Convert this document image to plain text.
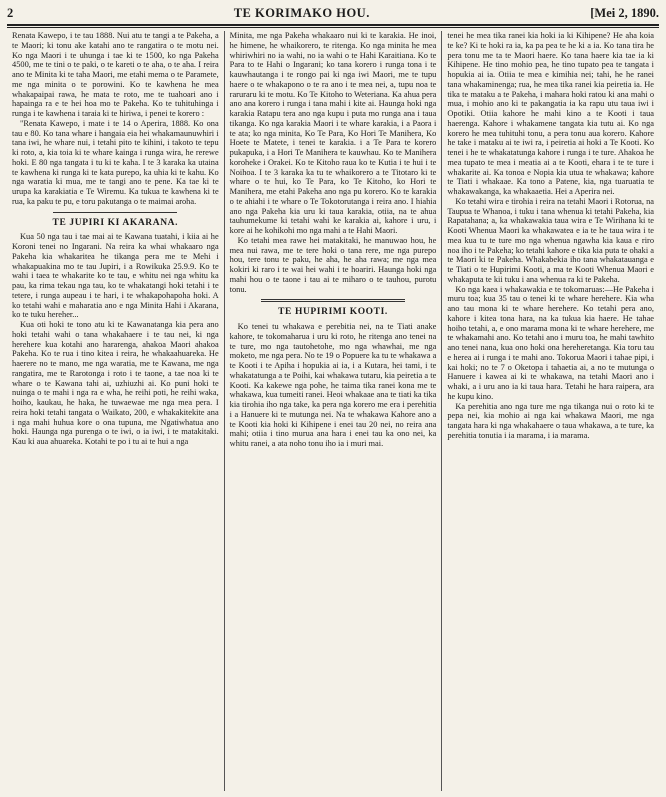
2	TE KORIMAKO HOU.	[Mei 2, 1890.

Renata Kawepo, i te tau 1888. Nui atu te tangi a te Pakeha, a te Maori; ki tonu ake katahi ano te rangatira o te motu nei. Ko nga Maori i te uhunga i tae ki te 1500, ko nga Pakeha 4500, me te tini o te paki, o te kareti o te aha, o te aha. I reira ano te Minita ki te taha Maori, me etahi mema o te Paramete, me nga minita o te porowini. Ko te kawhena he mea whakapaipai rawa, he mata te roto, me te tuahoari ano i hapainga ra e te hei hoa mo te Pakeha. Ko te tuhituhinga i runga i te kawhena i taraia ki te hiriwa, i penei te korero :

"Renata Kawepo, i mate i te 14 o Aperira, 1888. Ko ona tau e 80. Ko tana whare i hangaia eia hei whakamaunuwhiri i tana iwi, he whare nui, i tetahi pito te kihini, i takoto te tepu ki roto, a, kia toia ki te whare kainga i runga wira, he rerewe hoki. E 80 nga tangata i tu ki te kaha. I te 3 karaka ka utaina te kawhena ki runga ki te kata purepo, ka uhia ki te kahu. Ko nga waratia ki mua, me te tangi ano te pene. Ka tae ki te urupa ka karakiatia e Te Wiremu. Ka tukua te kawhena ki te rua, ka paku te pu, e toru pakutanga o te maimai aroha.

TE JUPIRI KI AKARANA.

Kua 50 nga tau i tae mai ai te Kawana tuatahi, i kiia ai he Koroni tenei no Ingarani. Na reira ka whai whakaaro nga Pakeha kia whakaritea he tikanga pera me te Mehi i whakapuakina mo te tau Jupiri, i a Rowikuka 25.9.9. Ko te wahi i taea te whakarite ko te tau, e whitu nei nga whitu ka pau, ka rima tekau nga tau, ko te whakatangi hoki tetahi i te tetere, i runga aupeau i te hari, i te whakapohapoha hoki. A ko tetahi wahi e maharatia ano e nga Minita Hahi i Akarana, ko te tuku hereher...

Kua oti hoki te tono atu ki te Kawanatanga kia pera ano hoki tetahi wahi o tana whakahaere i te tau nei, ki nga herehere kua kotahi ano hararenga, ahakoa Maori ahakoa Pakeha. Ko te rua i tino kitea i reira, he whakaahuareka. He haerere no te mano, me nga waratia, me te Kawana, me nga rangatira, me te Rarotonga i roto i te taone, a tae noa ki te whare o te Kawana tahi ai, uzhiuzhi ai. Ko puni hoki te nuinga o te mahi i nga ra e wha, he reihi poti, he reihi waka, hoiho, kaukau, he haka, he tuwaewae me nga mea pera. I reira hoki tetahi tangata o Waikato, 200, e whakakitekite ana i nga mahi huhua kore o ona tupuna, me Ngatiwhatua ano hoki. Haunga nga purenga o te iwi, o ia iwi, i te matakitaki. Kau ki aua ahuareka. Kotahi te po i tu ai te hui a nga

Minita, me nga Pakeha whakaaro nui ki te karakia. He inoi, he himene, he whaikorero, te ritenga. Ko nga minita he mea whiriwhiri no ia wahi, no ia wahi o te Hahi Karaitiana. Ko te Para to te Hahi o Ingarani; ko tana korero i runga tona i te kauwhautanga i te rongo pai ki nga iwi Maori, me te tupu haere o te whakapono o te ra ano i te mea nei, a, tupu noa te raruraru ki te motu. Ko Te Kitoho to Weteriana. Ka ahua pera ano ana korero i runga i tana mahi i kite ai. Haunga hoki nga karakia Ratapu tera ano nga kupu i puta mo runga ana i taua tikanga. Ko nga karakia Maori i te whare karakia, i a Paora i te ata; ko nga minita, Ko Te Para, Ko Hori Te Manihera, Ko Hoete te Matete, i tenei te karakia. i a Te Para te korero pukapuka, i a Hori Te Manihera te kauwhau. Ko te Manihera koroheke i Orakei. Ko te Kitoho raua ko te Kutia i te hui i te Noihoa. I te 3 karaka ka tu te whaikorero a te Titotaro ki te whare o te hui, ko Te Para, ko Te Kitoho, ko Hori te Manihera, me etahi Pakeha ano nga pu korero. Ko te karakia o te ahiahi i te whare o Te Tokotorutanga i reira ano. I hiahia ano nga Pakeha kia uru ki taua karakia, otiia, na te ahua tauhumekume ki tetahi wahi ke karakia ai, kahore i uru, i kore ai he kohikohi mo nga mahi a te Hahi Maori.

Ko tetahi mea rawe hei matakitaki, he manuwao hou, he mea nui rawa, me te tere hoki o tana rere, me nga purepo hou, tere tonu te paku, he aha, he aha rawa; me nga mea kokiri ki raro i te wai hei wahi i te hoariri. Haunga hoki nga mahi hou o te taone i tau ai te miharo o te tauhou, purotu tonu.

TE HUPIRIMI KOOTI.

Ko tenei tu whakawa e perebitia nei, na te Tiati anake kahore, te tokomaharua i uru ki roto, he ritenga ano tenei na te ture, mo nga tautohetohe, mo nga whawhai, me nga moketo, me nga pera. No te 19 o Popuere ka tu te whakawa a te Kooti i te Apiha i hopukia ai ia, i a Kutara, hei tami, i te whakatatunga a te Poihi, kai whakawa tutaru, kia peiretia a te Kooti. Ka kakewe nga pohe, he taima tika ranei kona me te whakawa, kua tumeiti ranei. Heoi whakaae ana te tiati ka tika kia tirohia iho nga take, ka pera nga korero me era i perehitia i a Hanuere ki te mutunga nei. Na te whakawa Kahore ano a te Kooti kia hoki ki Kihipene i enei tau 20 nei, no reira ana mahi; otiia i tino murua ana hara i enei tau ka ono nei, ka whitu ranei, a ata noho tonu iho ia i muri mai.

tenei he mea tika ranei kia hoki ia ki Kihipene? He aha koia te ke? Ki te hoki ra ia, ka pa pea te he ki a ia. Ko tana tira he pera tonu me ta te Maori haere. Ko tana haere kia tae ia ki Kihipene. He tino mohio pea, he tino tupato pea te tangata i hopukia ai ia. Otiia te mea e kimihia nei; tahi, he he ranei tana whakaminenga; rua, he mea tika ranei kia peiretia ia. He tika te mataku a te Pakeha, i mahara hoki ratou ki ana mahi o mua, i mohio ano ki te pakangatia ia ka rapu utu taua iwi i Opotiki. Otiia kahore he mahi kino a te Kooti i taua haerenga. Kahore i whakamene tangata kia tutu ai. Ko nga korero he mea tuhituhi tonu, a pera tonu aua korero. Kahore he take i mataku ai te iwi ra, i peiretia ai hoki a Te Kooti. Ko tenei i he te whakatatunga kahore i runga i te ture. Ahakoa he mea tupato te mea i meatia ai a te Kooti, ehara i te te ture i whakarite ai. Ka tonoa e Nopia kia utua te whakawa; kahore te Tiati i whakaae. Ka tono a Patene, kia, nga tuaruatia te whakawakanga, ka whakaaetia. Hei a Aperira nei.

Ko tetahi wira e tirohia i reira na tetahi Maori i Rotorua, na Taupua te Whanoa, i tuku i tana whenua ki tetahi Pakeha, kia Rapatahana; a, ka whakawakia taua wira e Te Wirihana ki te Kooti Whenua Maori ka whakawatea e ia te he taua wira i te mea kua tu te ture mo nga whenua ngawha kia kaua e riro noa iho i te Pakeha; ko tetahi kahore e tika kia puta te ohaki a te Maori ki te Pakeha. Whakabekia iho tana whakatauanga e te Tiati o te Hupirimi Kooti, a ma te Kooti Whenua Maori e whakaputa te kii tuku i ana whenua ra ki te Pakeha.

Ko nga kaea i whakawakia e te tokomaruas:—He Pakeha i muru toa; kua 35 tau o tenei ki te whare herehere. Kia wha ano tau mona ki te whare herehere. Ko tetahi pera ano, kahore i kitea tona hara, na ka tukua kia haere. He tahae hoiho tetahi, a, e ono marama mona ki te whare herehere, me te whakamahi ano. Ko tetahi ano i muru toa, he mahi tawhito ano tenei nana, kua ono hoki ona hereheretanga. Kia toru tau e herea ai i runga i te mahi ano. Tokorua Maori i tahae pipi, i kai hoki; no te 7 o Oketopa i tahaetia ai, a no te mutunga o Hanuere i kawea ai ki te whakawa, na tetahi Maori ano i whaki, a i uru ano ia ki taua hara. Tetahi he hara raipera, ara he kupu kino.

Ka perehitia ano nga ture me nga tikanga nui o roto ki te pepa nei, kia mohio ai nga kai whakawa Maori, me nga tangata hara ki nga whakahaere o taua whakawa, a te ture, ka perehitia tonutia i ia marama, i ia marama.
